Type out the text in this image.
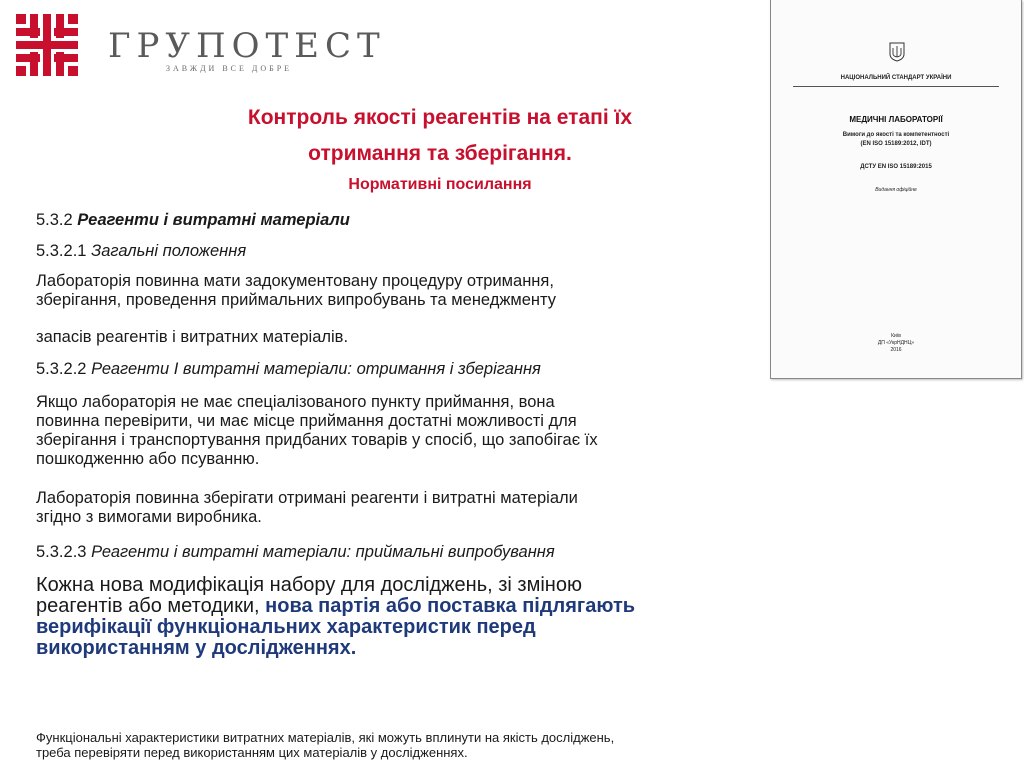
ГРУПОТЕСТ
ЗАВЖДИ ВСЕ ДОБРЕ
НАЦІОНАЛЬНИЙ СТАНДАРТ УКРАЇНИ
МЕДИЧНІ ЛАБОРАТОРІЇ
Вимоги до якості та компетентності
(EN ISO 15189:2012, IDT)
ДСТУ EN ISO 15189:2015
Видання офіційне
Київ
ДП «УкрНДНЦ»
2016
Контроль якості реагентів на етапі їх
отримання та зберігання.
Нормативні посилання

5.3.2 Реагенти і витратні матеріали

5.3.2.1 Загальні положення

Лабораторія повинна мати задокументовану процедуру отримання,
зберігання, проведення приймальних випробувань та менеджменту

запасів реагентів і витратних матеріалів.

5.3.2.2 Реагенти І витратні матеріали: отримання і зберігання

Якщо лабораторія не має спеціалізованого пункту приймання, вона
повинна перевірити, чи має місце приймання достатні можливості для
зберігання і транспортування придбаних товарів у спосіб, що запобігає їх
пошкодженню або псуванню.

Лабораторія повинна зберігати отримані реагенти і витратні матеріали
згідно з вимогами виробника.

5.3.2.3 Реагенти і витратні матеріали: приймальні випробування

Кожна нова модифікація набору для досліджень, зі зміною
реагентів або методики, нова партія або поставка підлягають
верифікації функціональних характеристик перед
використанням у дослідженнях.

Функціональні характеристики витратних матеріалів, які можуть вплинути на якість досліджень,
треба перевіряти перед використанням цих матеріалів у дослідженнях.
